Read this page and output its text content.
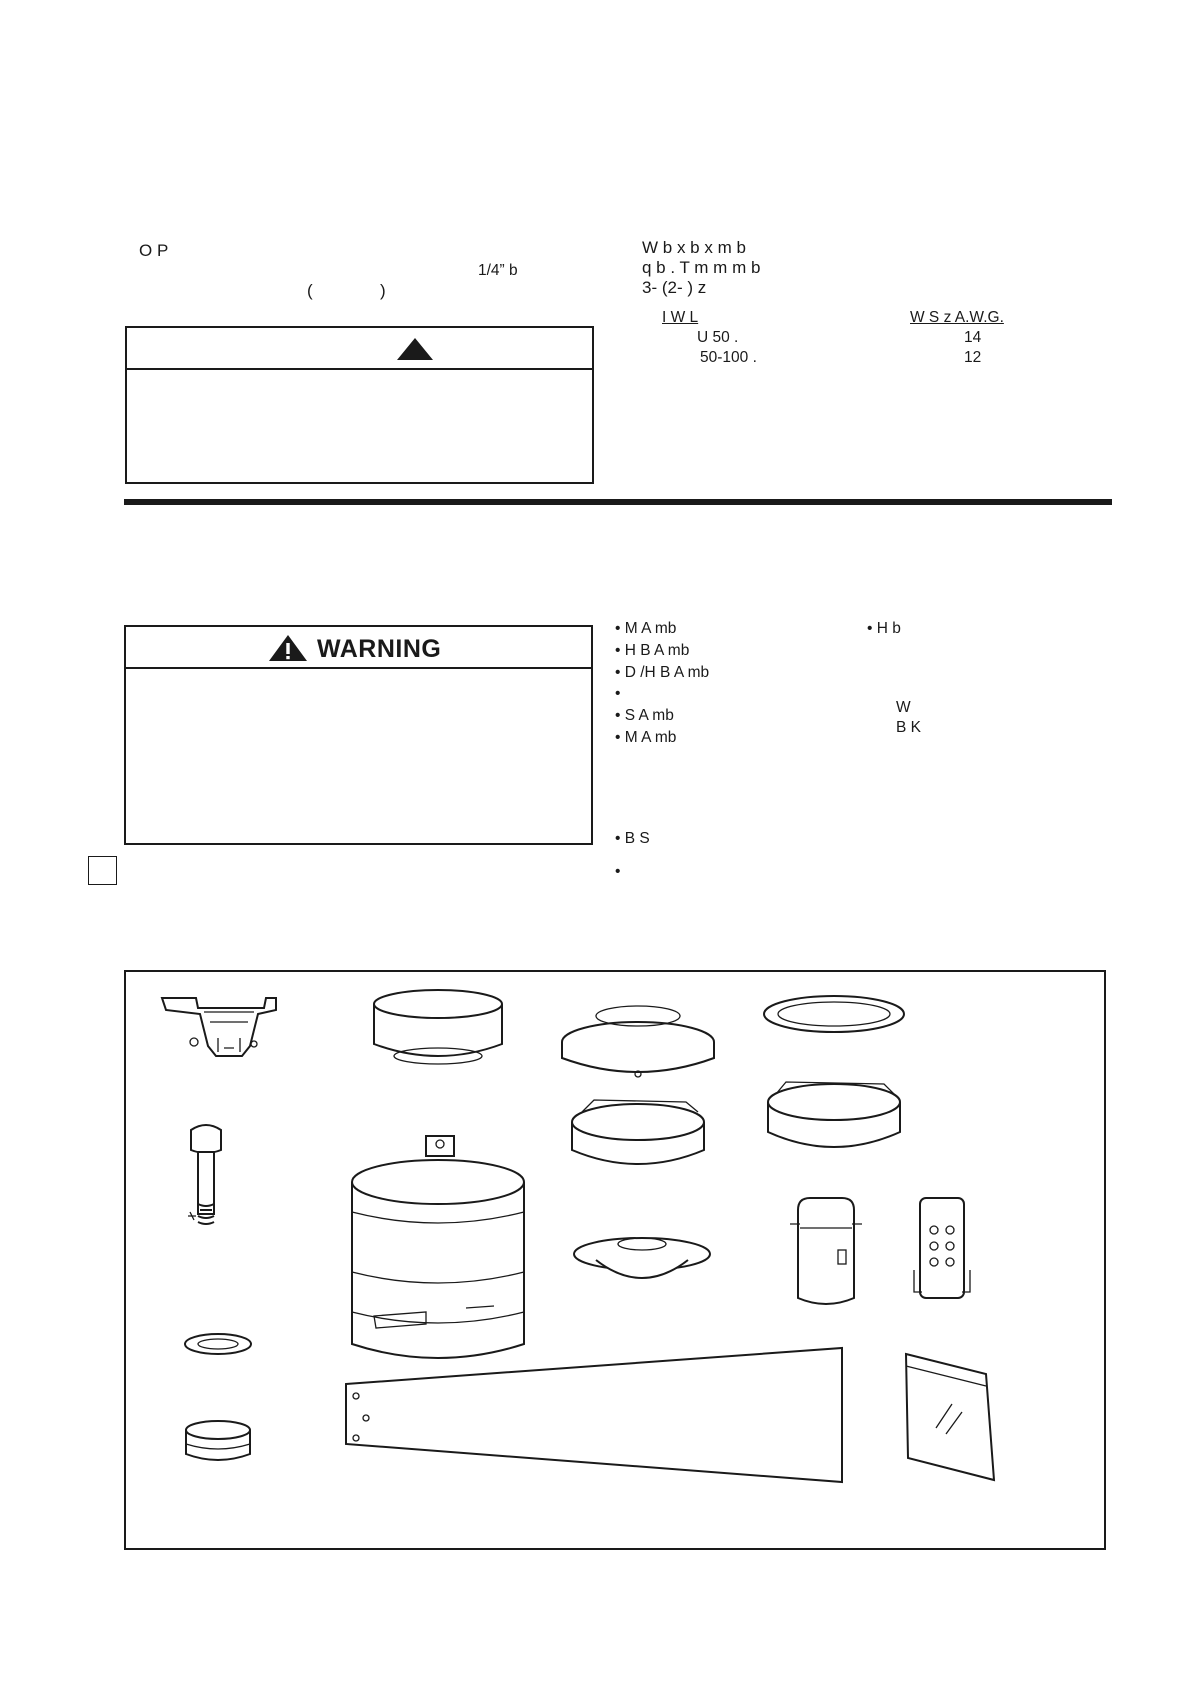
O P
1/4” b
(	)
W b x b x m b
q b . T m m m b
3- (2- ) z
I W L	W S z A.W.G.
U 50 .	14
50-100 .	12
WARNING
• M A mb
• H B A mb
• D /H B A mb
•
• S A mb
• M A mb
• H b
W
B K
• B S
•
